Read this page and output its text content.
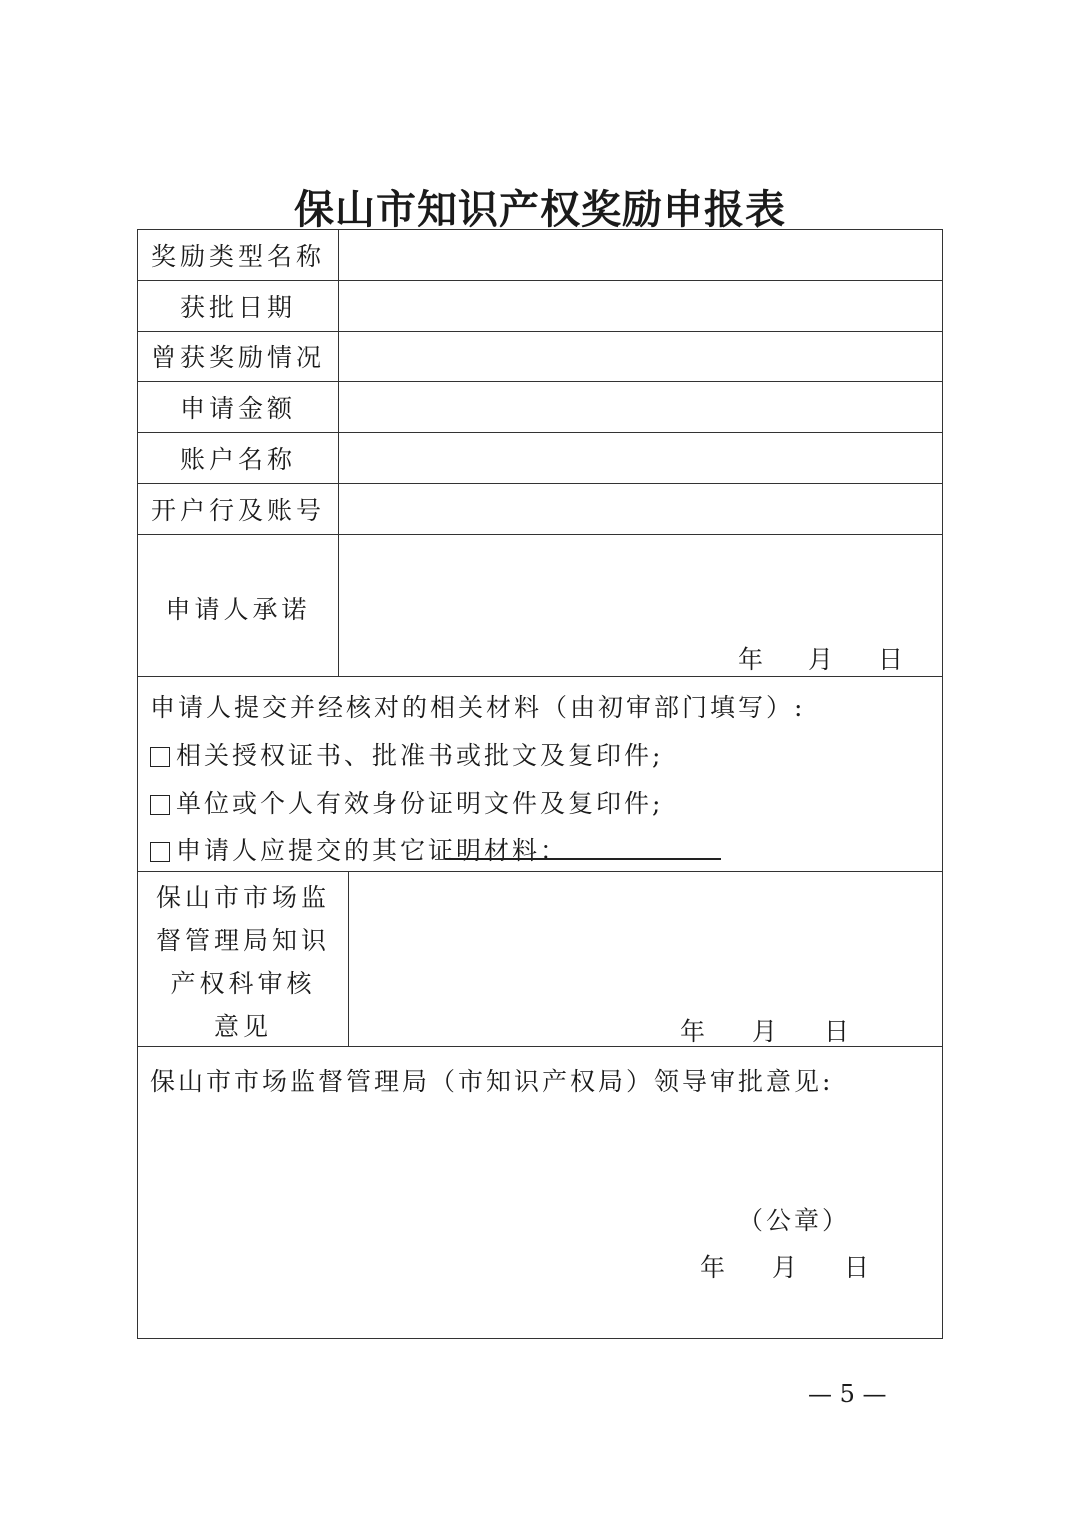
保山市知识产权奖励申报表
奖励类型名称
获批日期
曾获奖励情况
申请金额
账户名称
开户行及账号
申请人承诺
年 月 日
申请人提交并经核对的相关材料（由初审部门填写）:
相关授权证书、批准书或批文及复印件;
单位或个人有效身份证明文件及复印件;
申请人应提交的其它证明材料：
保山市市场监
督管理局知识
产权科审核
意见	年 月 日
保山市市场监督管理局（市知识产权局）领导审批意见:
（公章）
年 月 日
— 5 —
